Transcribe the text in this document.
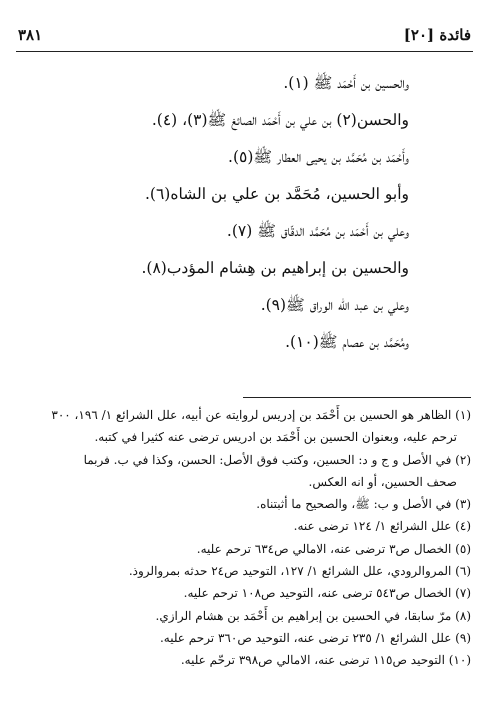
فائدة [٢٠]
٣٨١
والحسين بن أَحْمَد ﷺ (١).
والحسن(٢) بن علي بن أَحْمَد الصائغ ﷺ(٣)، (٤).
وأَحْمَد بن مُحَمَّد بن يحيى العطار ﷺ(٥).
وأبو الحسين، مُحَمَّد بن علي بن الشاه(٦).
وعلي بن أَحْمَد بن مُحَمَّد الدقّاق ﷺ (٧).
والحسين بن إبراهيم بن هِشام المؤدب(٨).
وعلي بن عبد الله الوراق ﷺ(٩).
ومُحَمَّد بن عصام ﷺ(١٠).
(١) الظاهر هو الحسين بن أَحْمَد بن إدريس لروايته عن أبيه، علل الشرائع ١/ ١٩٦، ٣٠٠
ترحم عليه، وبعنوان الحسين بن أَحْمَد بن ادريس ترضى عنه كثيرا في كتبه.
(٢) في الأصل و ج و د: الحسين، وكتب فوق الأصل: الحسن، وكذا في ب. فربما
صحف الحسين، أو انه العكس.
(٣) في الأصل و ب: ﷺ، والصحيح ما أثبتناه.
(٤) علل الشرائع ١/ ١٢٤ ترضى عنه.
(٥) الخصال ص٣ ترضى عنه، الامالي ص٦٣٤ ترحم عليه.
(٦) المروالرودي، علل الشرائع ١/ ١٢٧، التوحيد ص٢٤ حدثه بمروالروذ.
(٧) الخصال ص٥٤٣ ترضى عنه، التوحيد ص١٠٨ ترحم عليه.
(٨) مرّ سابقا، في الحسين بن إبراهيم بن أَحْمَد بن هشام الرازي.
(٩) علل الشرائع ١/ ٢٣٥ ترضى عنه، التوحيد ص٣٦٠ ترحم عليه.
(١٠) التوحيد ص١١٥ ترضى عنه، الامالي ص٣٩٨ ترحّم عليه.
